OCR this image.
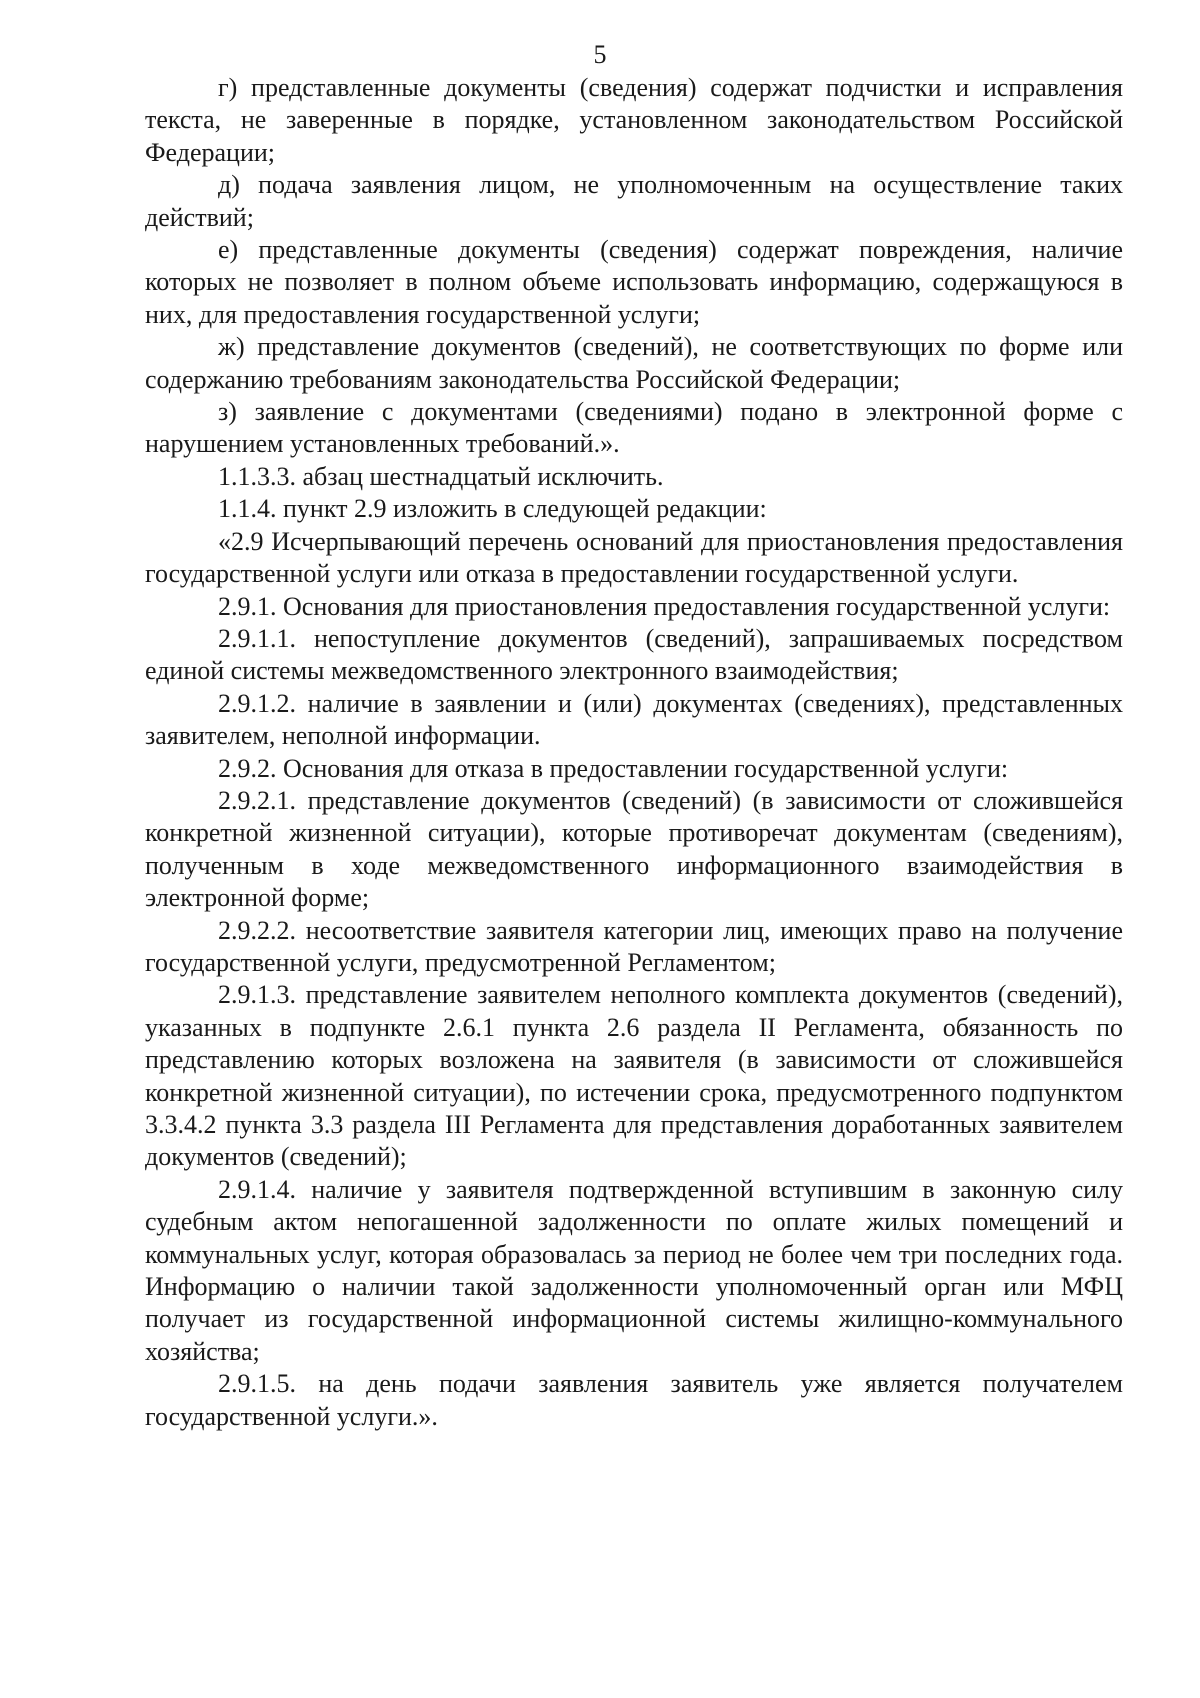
5

г) представленные документы (сведения) содержат подчистки и исправления текста, не заверенные в порядке, установленном законодательством Российской Федерации;

д) подача заявления лицом, не уполномоченным на осуществление таких действий;

е) представленные документы (сведения) содержат повреждения, наличие которых не позволяет в полном объеме использовать информацию, содержащуюся в них, для предоставления государственной услуги;

ж) представление документов (сведений), не соответствующих по форме или содержанию требованиям законодательства Российской Федерации;

з) заявление с документами (сведениями) подано в электронной форме с нарушением установленных требований.».

1.1.3.3. абзац шестнадцатый исключить.

1.1.4. пункт 2.9 изложить в следующей редакции:

«2.9 Исчерпывающий перечень оснований для приостановления предоставления государственной услуги или отказа в предоставлении государственной услуги.

2.9.1. Основания для приостановления предоставления государственной услуги:

2.9.1.1. непоступление документов (сведений), запрашиваемых посредством единой системы межведомственного электронного взаимодействия;

2.9.1.2. наличие в заявлении и (или) документах (сведениях), представленных заявителем, неполной информации.

2.9.2. Основания для отказа в предоставлении государственной услуги:

2.9.2.1. представление документов (сведений) (в зависимости от сложившейся конкретной жизненной ситуации), которые противоречат документам (сведениям), полученным в ходе межведомственного информационного взаимодействия в электронной форме;

2.9.2.2. несоответствие заявителя категории лиц, имеющих право на получение государственной услуги, предусмотренной Регламентом;

2.9.1.3. представление заявителем неполного комплекта документов (сведений), указанных в подпункте 2.6.1 пункта 2.6 раздела II Регламента, обязанность по представлению которых возложена на заявителя (в зависимости от сложившейся конкретной жизненной ситуации), по истечении срока, предусмотренного подпунктом 3.3.4.2 пункта 3.3 раздела III Регламента для представления доработанных заявителем документов (сведений);

2.9.1.4. наличие у заявителя подтвержденной вступившим в законную силу судебным актом непогашенной задолженности по оплате жилых помещений и коммунальных услуг, которая образовалась за период не более чем три последних года. Информацию о наличии такой задолженности уполномоченный орган или МФЦ получает из государственной информационной системы жилищно-коммунального хозяйства;

2.9.1.5. на день подачи заявления заявитель уже является получателем государственной услуги.».
